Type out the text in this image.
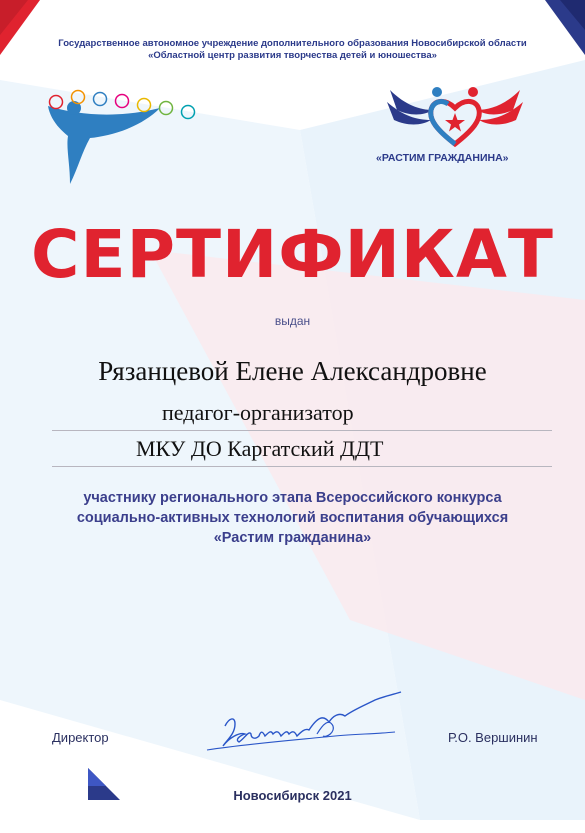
Государственное автономное учреждение дополнительного образования Новосибирской области
«Областной центр развития творчества детей и юношества»
«РАСТИМ ГРАЖДАНИНА»
СЕРТИФИКАТ
выдан
Рязанцевой Елене Александровне
педагог-организатор
МКУ ДО Каргатский ДДТ
участнику регионального этапа Всероссийского конкурса
социально-активных технологий воспитания обучающихся
«Растим гражданина»
Директор	Р.О. Вершинин
Новосибирск 2021
